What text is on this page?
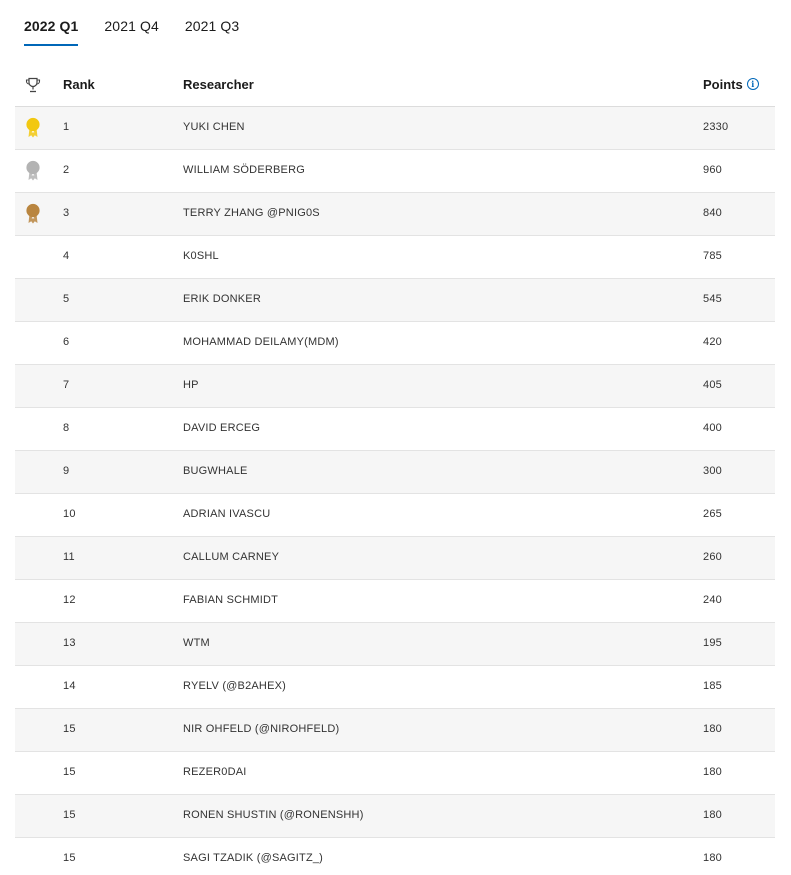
2022 Q1 2021 Q4 2021 Q3
Rank	Researcher	Points i
1	YUKI CHEN	2330
2	WILLIAM SÖDERBERG	960
3	TERRY ZHANG @PNIG0S	840
4	K0SHL	785
5	ERIK DONKER	545
6	MOHAMMAD DEILAMY(MDM)	420
7	HP	405
8	DAVID ERCEG	400
9	BUGWHALE	300
10	ADRIAN IVASCU	265
11	CALLUM CARNEY	260
12	FABIAN SCHMIDT	240
13	WTM	195
14	RYELV (@B2AHEX)	185
15	NIR OHFELD (@NIROHFELD)	180
15	REZER0DAI	180
15	RONEN SHUSTIN (@RONENSHH)	180
15	SAGI TZADIK (@SAGITZ_)	180
